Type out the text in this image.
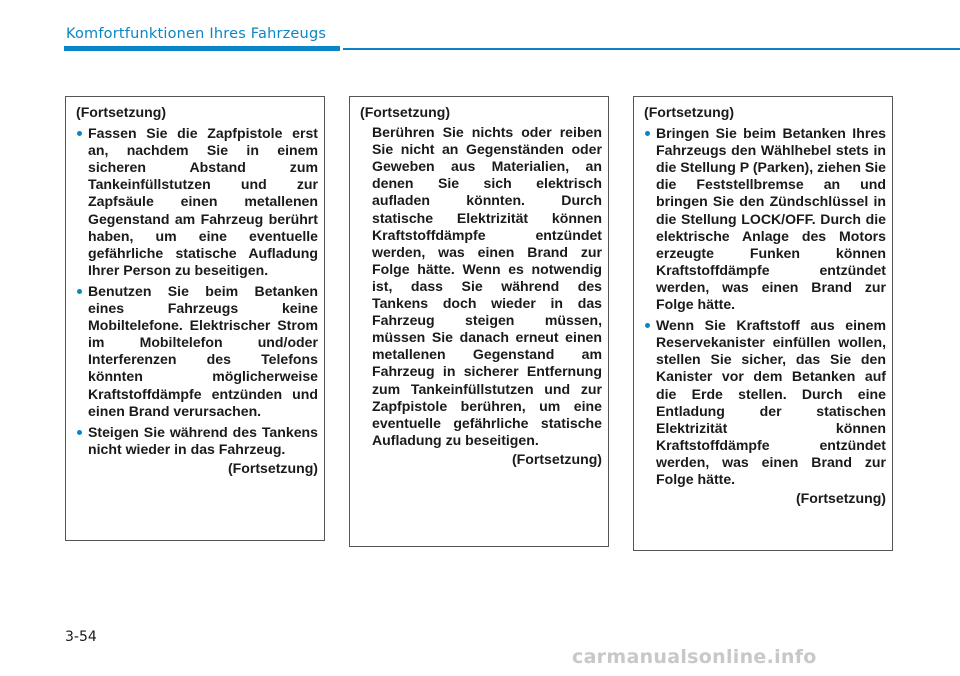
Komfortfunktionen Ihres Fahrzeugs
(Fortsetzung)
Fassen Sie die Zapfpistole erst an, nachdem Sie in einem sicheren Abstand zum Tankeinfüllstutzen und zur Zapfsäule einen metallenen Gegenstand am Fahrzeug berührt haben, um eine eventuelle gefährliche statische Aufladung Ihrer Person zu beseitigen.
Benutzen Sie beim Betanken eines Fahrzeugs keine Mobiltelefone. Elektrischer Strom im Mobiltelefon und/oder Interferenzen des Telefons könnten möglicherweise Kraftstoffdämpfe entzünden und einen Brand verursachen.
Steigen Sie während des Tankens nicht wieder in das Fahrzeug.
(Fortsetzung)
(Fortsetzung)
Berühren Sie nichts oder reiben Sie nicht an Gegenständen oder Geweben aus Materialien, an denen Sie sich elektrisch aufladen könnten. Durch statische Elektrizität können Kraftstoffdämpfe entzündet werden, was einen Brand zur Folge hätte. Wenn es notwendig ist, dass Sie während des Tankens doch wieder in das Fahrzeug steigen müssen, müssen Sie danach erneut einen metallenen Gegenstand am Fahrzeug in sicherer Entfernung zum Tankeinfüllstutzen und zur Zapfpistole berühren, um eine eventuelle gefährliche statische Aufladung zu beseitigen.
(Fortsetzung)
(Fortsetzung)
Bringen Sie beim Betanken Ihres Fahrzeugs den Wählhebel stets in die Stellung P (Parken), ziehen Sie die Feststellbremse an und bringen Sie den Zündschlüssel in die Stellung LOCK/OFF. Durch die elektrische Anlage des Motors erzeugte Funken können Kraftstoffdämpfe entzündet werden, was einen Brand zur Folge hätte.
Wenn Sie Kraftstoff aus einem Reservekanister einfüllen wollen, stellen Sie sicher, das Sie den Kanister vor dem Betanken auf die Erde stellen. Durch eine Entladung der statischen Elektrizität können Kraftstoffdämpfe entzündet werden, was einen Brand zur Folge hätte.
(Fortsetzung)
3-54
carmanualsonline.info
